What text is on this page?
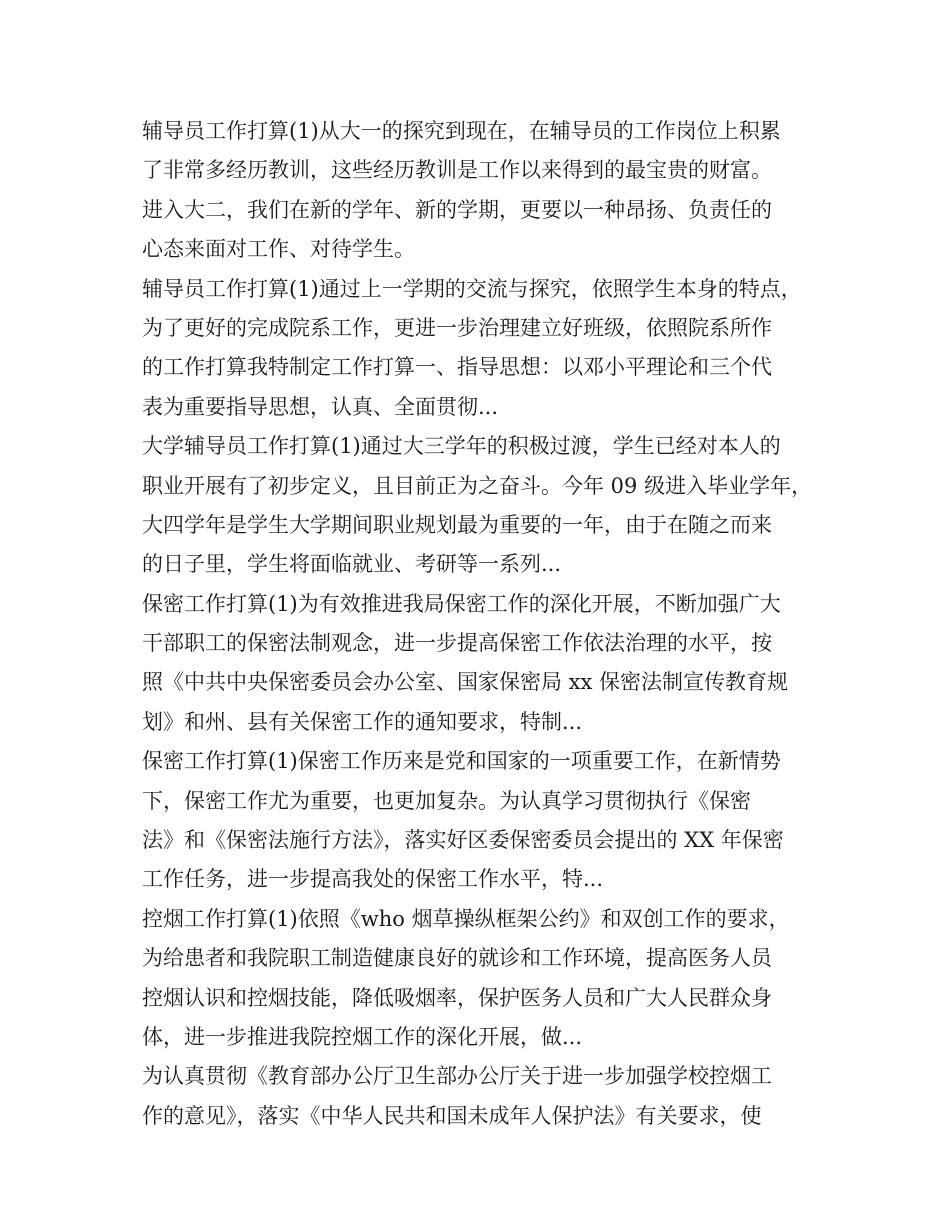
辅导员工作打算(1)从大一的探究到现在，在辅导员的工作岗位上积累
了非常多经历教训，这些经历教训是工作以来得到的最宝贵的财富。
进入大二，我们在新的学年、新的学期，更要以一种昂扬、负责任的
心态来面对工作、对待学生。
辅导员工作打算(1)通过上一学期的交流与探究，依照学生本身的特点，
为了更好的完成院系工作，更进一步治理建立好班级，依照院系所作
的工作打算我特制定工作打算一、指导思想：以邓小平理论和三个代
表为重要指导思想，认真、全面贯彻...
大学辅导员工作打算(1)通过大三学年的积极过渡，学生已经对本人的
职业开展有了初步定义，且目前正为之奋斗。今年 09 级进入毕业学年，
大四学年是学生大学期间职业规划最为重要的一年，由于在随之而来
的日子里，学生将面临就业、考研等一系列...
保密工作打算(1)为有效推进我局保密工作的深化开展，不断加强广大
干部职工的保密法制观念，进一步提高保密工作依法治理的水平，按
照《中共中央保密委员会办公室、国家保密局 xx 保密法制宣传教育规
划》和州、县有关保密工作的通知要求，特制...
保密工作打算(1)保密工作历来是党和国家的一项重要工作，在新情势
下，保密工作尤为重要，也更加复杂。为认真学习贯彻执行《保密
法》和《保密法施行方法》，落实好区委保密委员会提出的 XX 年保密
工作任务，进一步提高我处的保密工作水平，特...
控烟工作打算(1)依照《who 烟草操纵框架公约》和双创工作的要求，
为给患者和我院职工制造健康良好的就诊和工作环境，提高医务人员
控烟认识和控烟技能，降低吸烟率，保护医务人员和广大人民群众身
体，进一步推进我院控烟工作的深化开展，做...
为认真贯彻《教育部办公厅卫生部办公厅关于进一步加强学校控烟工
作的意见》，落实《中华人民共和国未成年人保护法》有关要求，使
